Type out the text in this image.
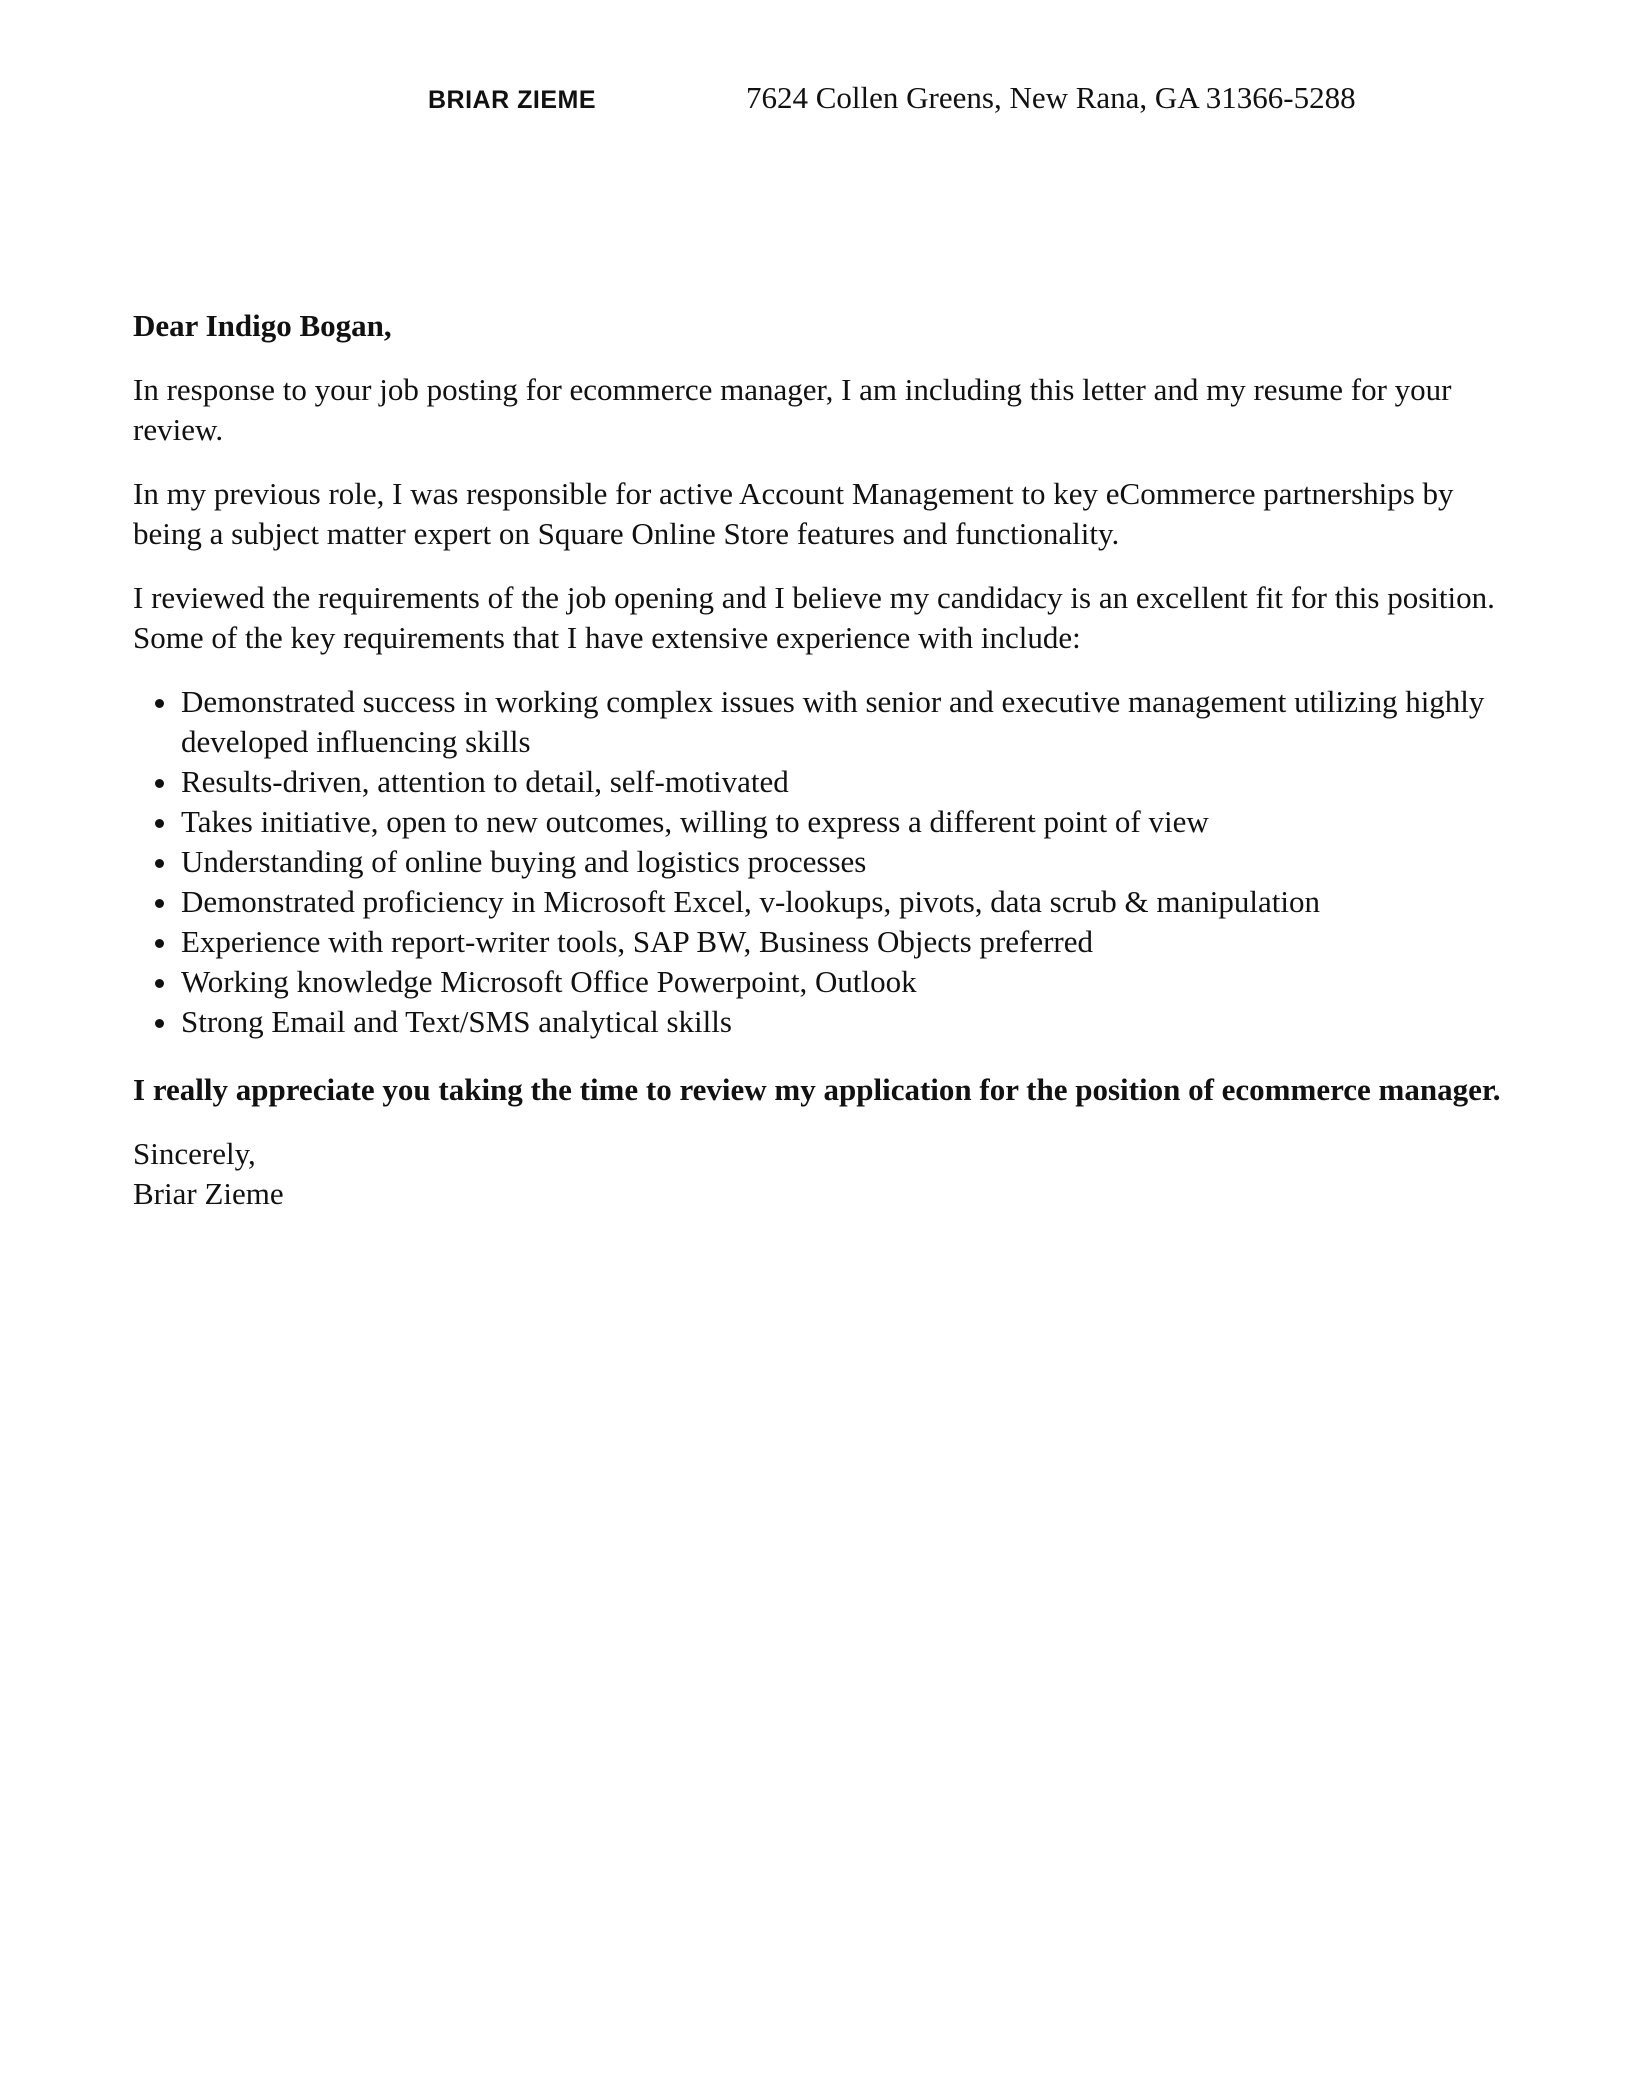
BRIAR ZIEME	7624 Collen Greens, New Rana, GA 31366-5288

Dear Indigo Bogan,

In response to your job posting for ecommerce manager, I am including this letter and my resume for your review.

In my previous role, I was responsible for active Account Management to key eCommerce partnerships by being a subject matter expert on Square Online Store features and functionality.

I reviewed the requirements of the job opening and I believe my candidacy is an excellent fit for this position. Some of the key requirements that I have extensive experience with include:

Demonstrated success in working complex issues with senior and executive management utilizing highly developed influencing skills
Results-driven, attention to detail, self-motivated
Takes initiative, open to new outcomes, willing to express a different point of view
Understanding of online buying and logistics processes
Demonstrated proficiency in Microsoft Excel, v-lookups, pivots, data scrub & manipulation
Experience with report-writer tools, SAP BW, Business Objects preferred
Working knowledge Microsoft Office Powerpoint, Outlook
Strong Email and Text/SMS analytical skills

I really appreciate you taking the time to review my application for the position of ecommerce manager.

Sincerely,

Briar Zieme
